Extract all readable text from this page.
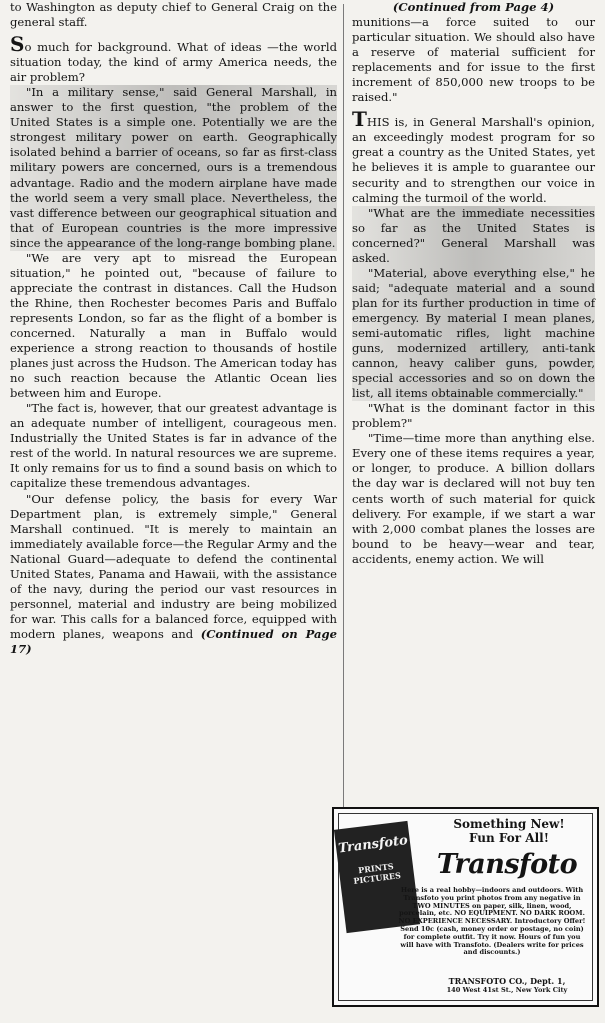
to Washington as deputy chief to General Craig on the general staff.

So much for background. What of ideas —the world situation today, the kind of army America needs, the air problem?

"In a military sense," said General Marshall, in answer to the first question, "the problem of the United States is a simple one. Potentially we are the strongest military power on earth. Geographically isolated behind a barrier of oceans, so far as first-class military powers are concerned, ours is a tremendous advantage. Radio and the modern airplane have made the world seem a very small place. Nevertheless, the vast difference between our geographical situation and that of European countries is the more impressive since the appearance of the long-range bombing plane.

"We are very apt to misread the European situation," he pointed out, "because of failure to appreciate the contrast in distances. Call the Hudson the Rhine, then Rochester becomes Paris and Buffalo represents London, so far as the flight of a bomber is concerned. Naturally a man in Buffalo would experience a strong reaction to thousands of hostile planes just across the Hudson. The American today has no such reaction because the Atlantic Ocean lies between him and Europe.

"The fact is, however, that our greatest advantage is an adequate number of intelligent, courageous men. Industrially the United States is far in advance of the rest of the world. In natural resources we are supreme. It only remains for us to find a sound basis on which to capitalize these tremendous advantages.

"Our defense policy, the basis for every War Department plan, is extremely simple," General Marshall continued. "It is merely to maintain an immediately available force—the Regular Army and the National Guard—adequate to defend the continental United States, Panama and Hawaii, with the assistance of the navy, during the period our vast resources in personnel, material and industry are being mobilized for war. This calls for a balanced force, equipped with modern planes, weapons and (Continued on Page 17)

(Continued from Page 4)

munitions—a force suited to our particular situation. We should also have a reserve of material sufficient for replacements and for issue to the first increment of 850,000 new troops to be raised."

THIS is, in General Marshall's opinion, an exceedingly modest program for so great a country as the United States, yet he believes it is ample to guarantee our security and to strengthen our voice in calming the turmoil of the world.

"What are the immediate necessities so far as the United States is concerned?" General Marshall was asked.

"Material, above everything else," he said; "adequate material and a sound plan for its further production in time of emergency. By material I mean planes, semi-automatic rifles, light machine guns, modernized artillery, anti-tank cannon, heavy caliber guns, powder, special accessories and so on down the list, all items obtainable commercially."

"What is the dominant factor in this problem?"

"Time—time more than anything else. Every one of these items requires a year, or longer, to produce. A billion dollars the day war is declared will not buy ten cents worth of such material for quick delivery. For example, if we start a war with 2,000 combat planes the losses are bound to be heavy—wear and tear, accidents, enemy action. We will

Transfoto
PRINTS PICTURES
Something New!
Fun For All!
Transfoto
Here is a real hobby—indoors and outdoors. With Transfoto you print photos from any negative in TWO MINUTES on paper, silk, linen, wood, porcelain, etc. NO EQUIPMENT. NO DARK ROOM. NO EXPERIENCE NECESSARY. Introductory Offer! Send 10c (cash, money order or postage, no coin) for complete outfit. Try it now. Hours of fun you will have with Transfoto. (Dealers write for prices and discounts.)
TRANSFOTO CO., Dept. 1,
140 West 41st St., New York City
